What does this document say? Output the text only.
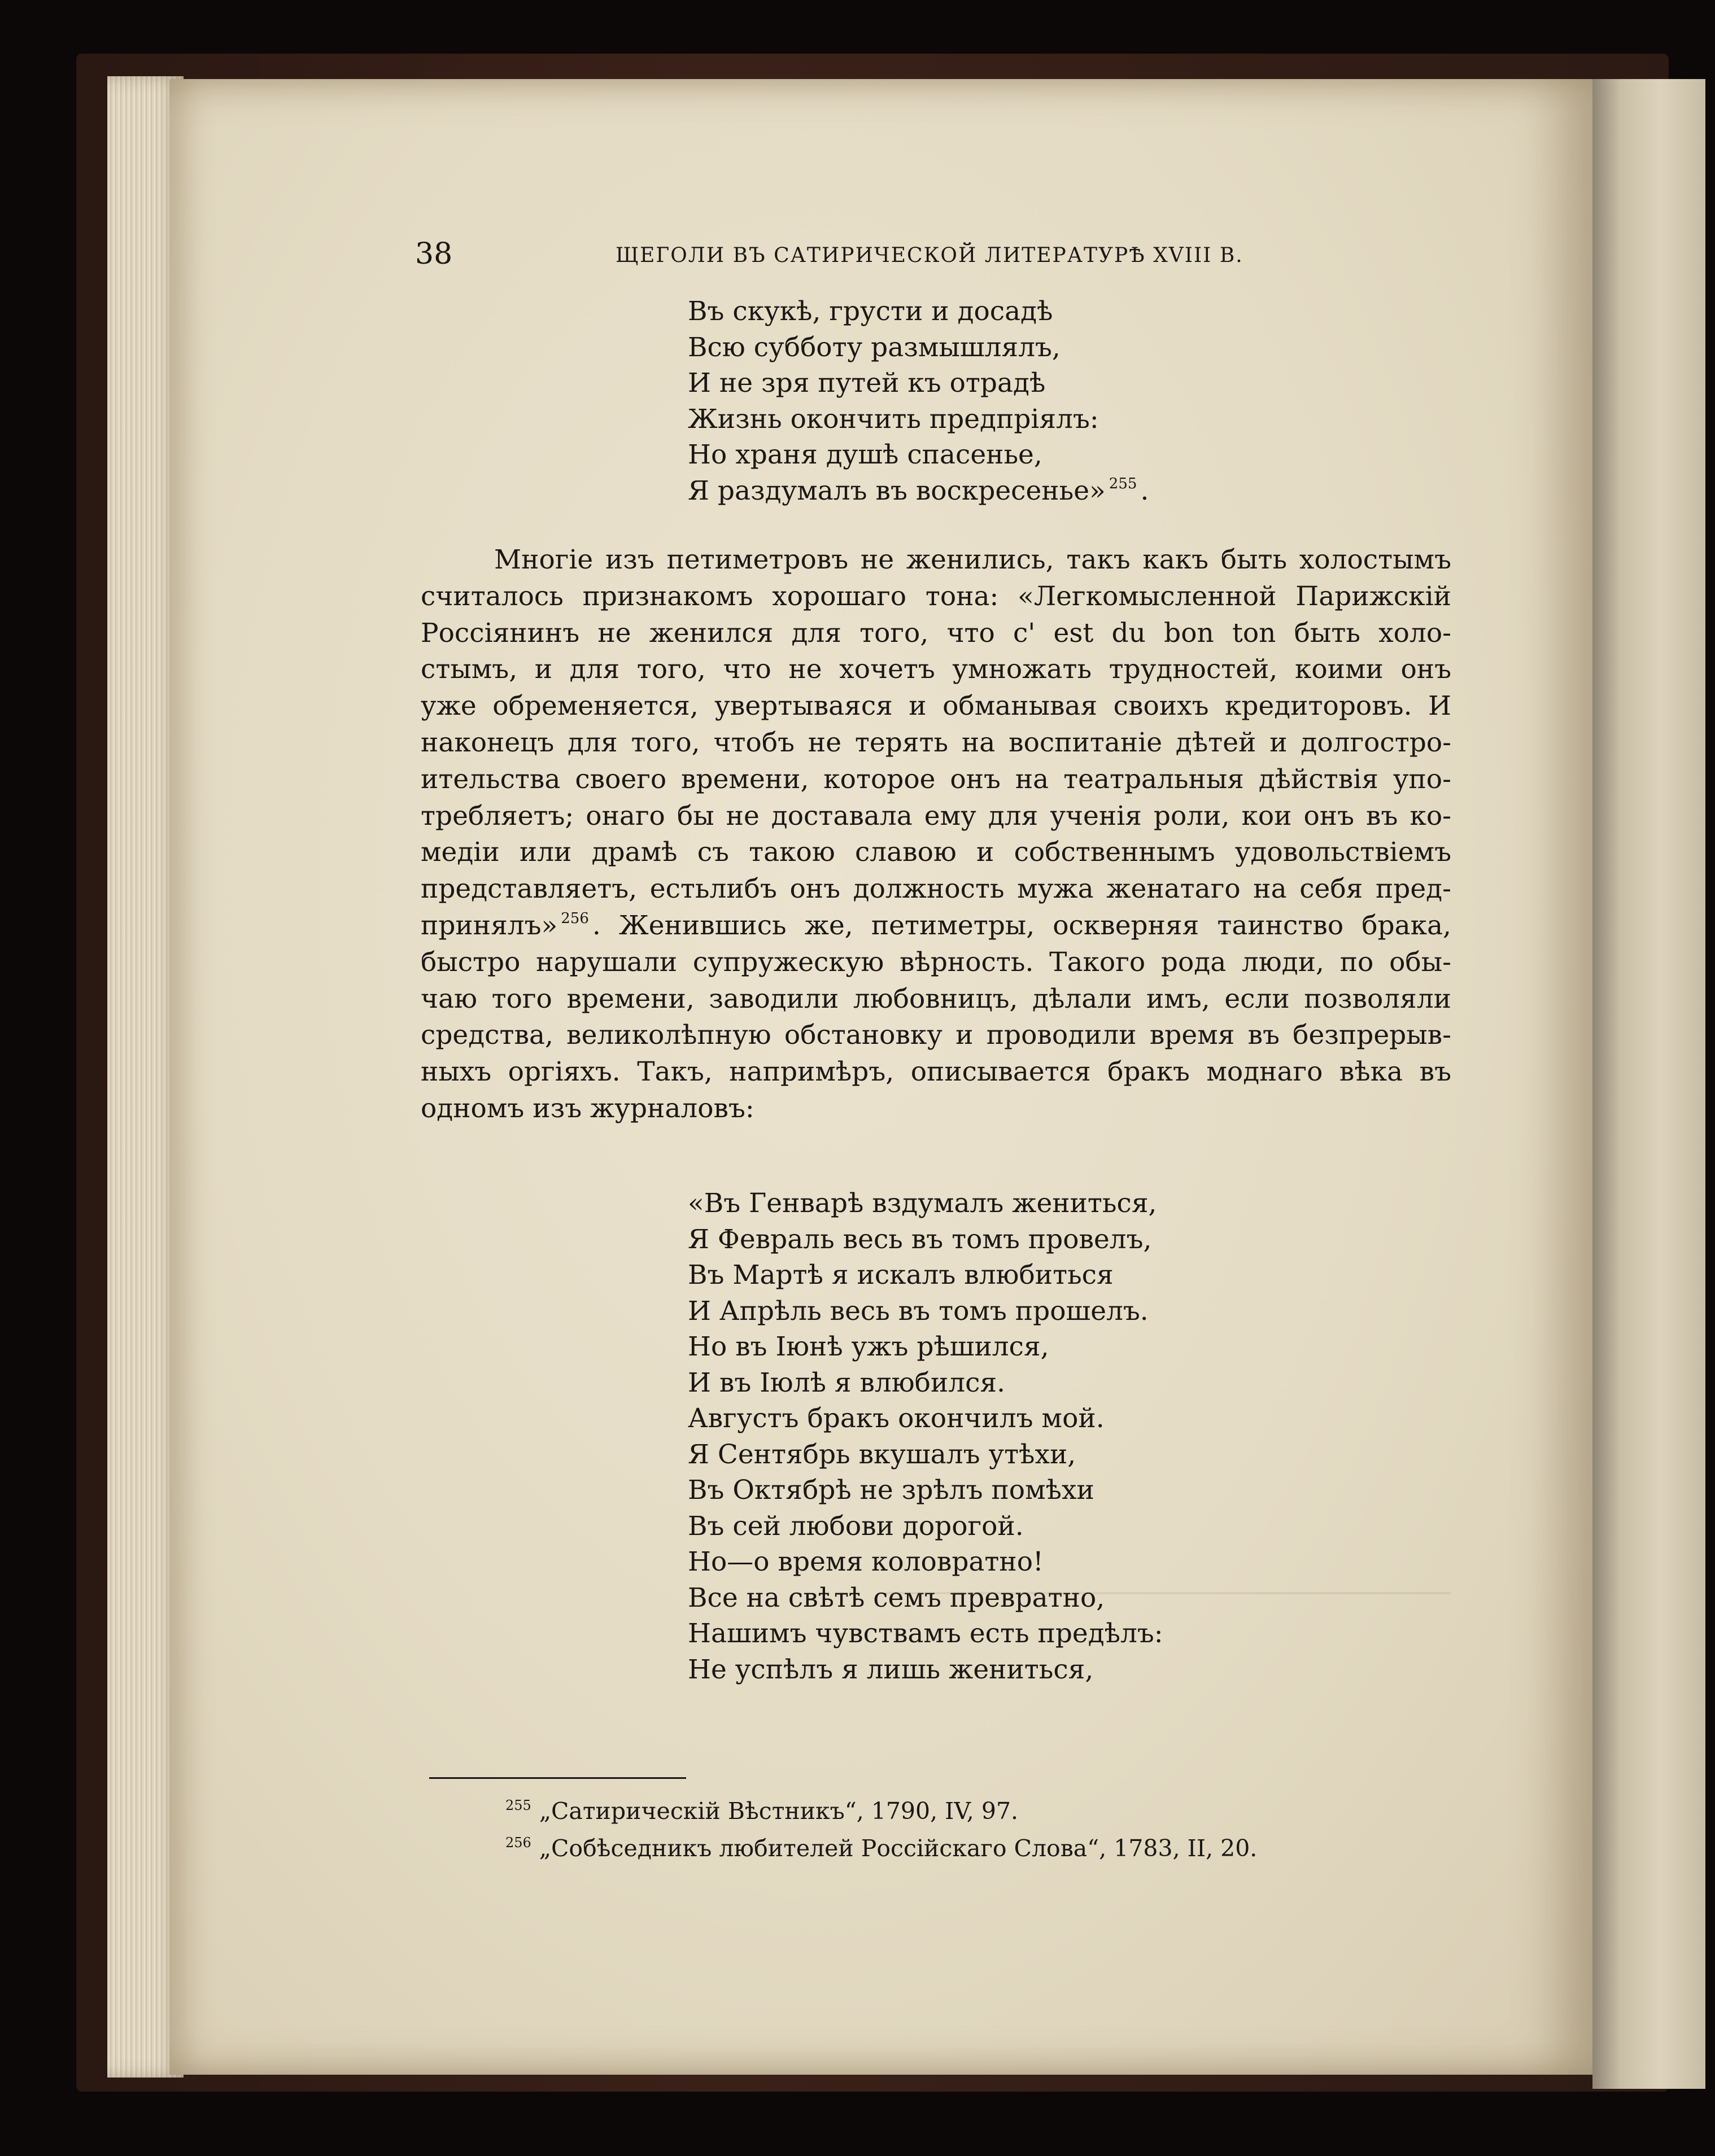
38	ЩЕГОЛИ ВЪ САТИРИЧЕСКОЙ ЛИТЕРАТУРѢ XVIII В.
Въ скукѣ, грусти и досадѣ
Всю субботу размышлялъ,
И не зря путей къ отрадѣ
Жизнь окончить предпріялъ:
Но храня душѣ спасенье,
Я раздумалъ въ воскресенье» $^{255}$ .
Многіе изъ петиметровъ не женились, такъ какъ быть холостымъ
считалось признакомъ хорошаго тона: «Легкомысленной Парижскій
Россіянинъ не женился для того, что c' est du bon ton быть холо-
стымъ, и для того, что не хочетъ умножать трудностей, коими онъ
уже обременяется, увертываяся и обманывая своихъ кредиторовъ. И
наконецъ для того, чтобъ не терять на воспитаніе дѣтей и долгостро-
ительства своего времени, которое онъ на театральныя дѣйствія упо-
требляетъ; онаго бы не доставала ему для ученія роли, кои онъ въ ко-
медіи или драмѣ съ такою славою и собственнымъ удовольствіемъ
представляетъ, естьлибъ онъ должность мужа женатаго на себя пред-
принялъ» $^{256}$ . Женившись же, петиметры, оскверняя таинство брака,
быстро нарушали супружескую вѣрность. Такого рода люди, по обы-
чаю того времени, заводили любовницъ, дѣлали имъ, если позволяли
средства, великолѣпную обстановку и проводили время въ безпрерыв-
ныхъ оргіяхъ. Такъ, напримѣръ, описывается бракъ моднаго вѣка въ
одномъ изъ журналовъ:
«Въ Генварѣ вздумалъ жениться,
Я Февраль весь въ томъ провелъ,
Въ Мартѣ я искалъ влюбиться
И Апрѣль весь въ томъ прошелъ.
Но въ Іюнѣ ужъ рѣшился,
И въ Іюлѣ я влюбился.
Августъ бракъ окончилъ мой.
Я Сентябрь вкушалъ утѣхи,
Въ Октябрѣ не зрѣлъ помѣхи
Въ сей любови дорогой.
Но—о время коловратно!
Все на свѣтѣ семъ превратно,
Нашимъ чувствамъ есть предѣлъ:
Не успѣлъ я лишь жениться,
$^{255}$ „Сатирическій Вѣстникъ“, 1790, IV, 97.
$^{256}$ „Собѣседникъ любителей Россійскаго Слова“, 1783, II, 20.
